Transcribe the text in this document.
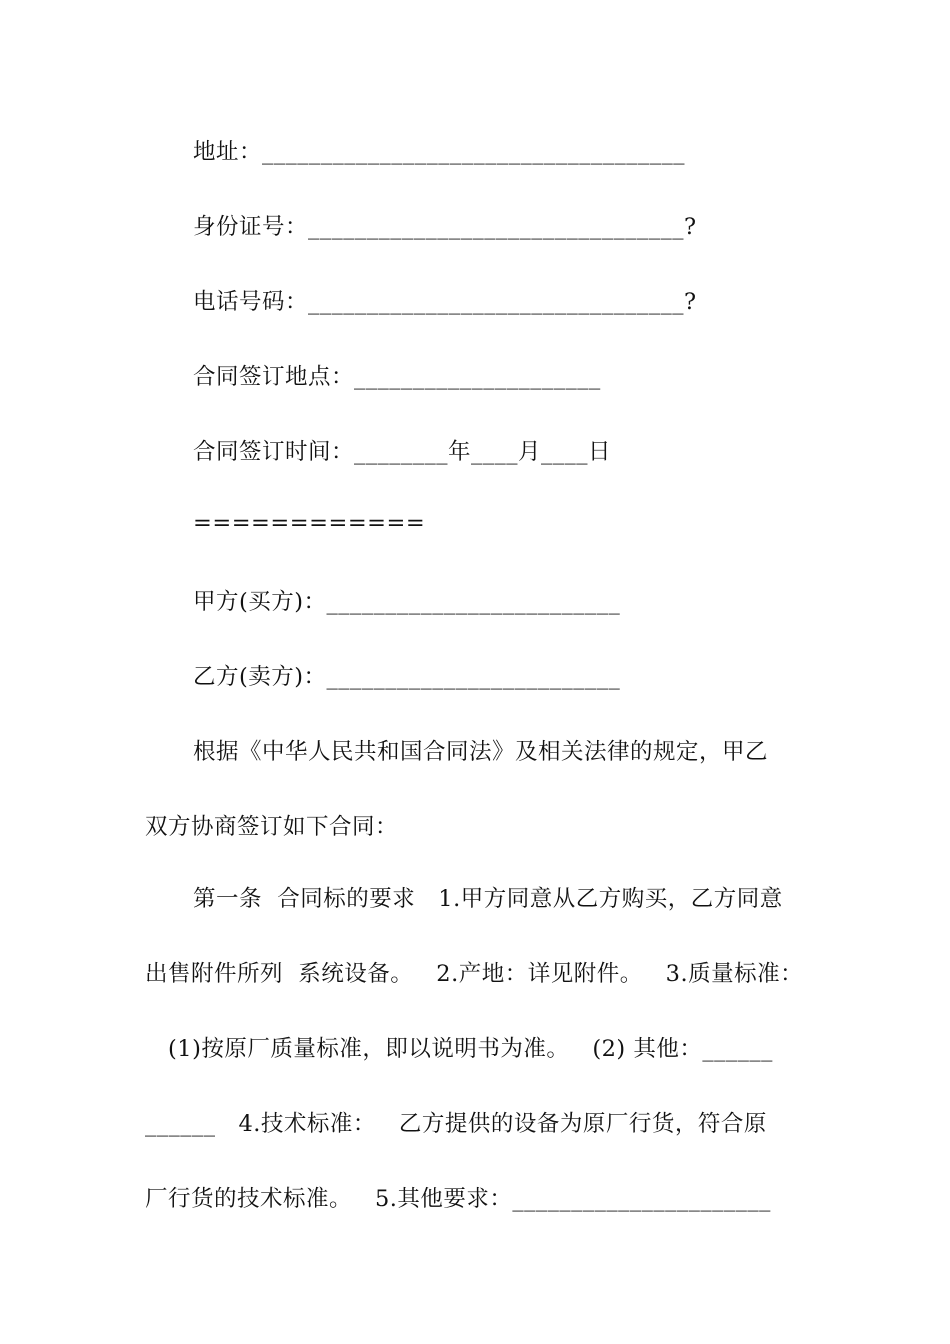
地址：____________________________________
身份证号：________________________________?
电话号码：________________________________?
合同签订地点：_____________________
合同签订时间：________年____月____日
============
甲方(买方)：_________________________
乙方(卖方)：_________________________
根据《中华人民共和国合同法》及相关法律的规定，甲乙
双方协商签订如下合同：
第一条  合同标的要求   1.甲方同意从乙方购买，乙方同意
出售附件所列  系统设备。   2.产地：详见附件。   3.质量标准：
(1)按原厂质量标准，即以说明书为准。   (2) 其他：______
______   4.技术标准：   乙方提供的设备为原厂行货，符合原
厂行货的技术标准。   5.其他要求：______________________
